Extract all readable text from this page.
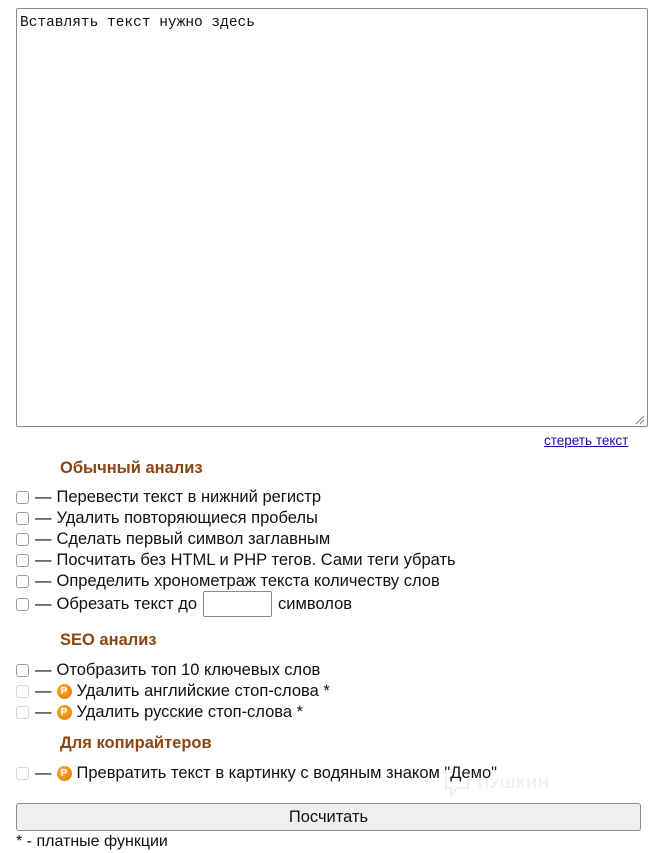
Вставлять текст нужно здесь
стереть текст
Обычный анализ
— Перевести текст в нижний регистр
— Удалить повторяющиеся пробелы
— Сделать первый символ заглавным
— Посчитать без HTML и PHP тегов. Сами теги убрать
— Определить хронометраж текста количеству слов
— Обрезать текст до	символов
SEO анализ
— Отобразить топ 10 ключевых слов
— P Удалить английские стоп-слова *
— P Удалить русские стоп-слова *
Для копирайтеров
— P Превратить текст в картинку с водяным знаком "Демо"
ПУШКИН
Посчитать
* - платные функции
